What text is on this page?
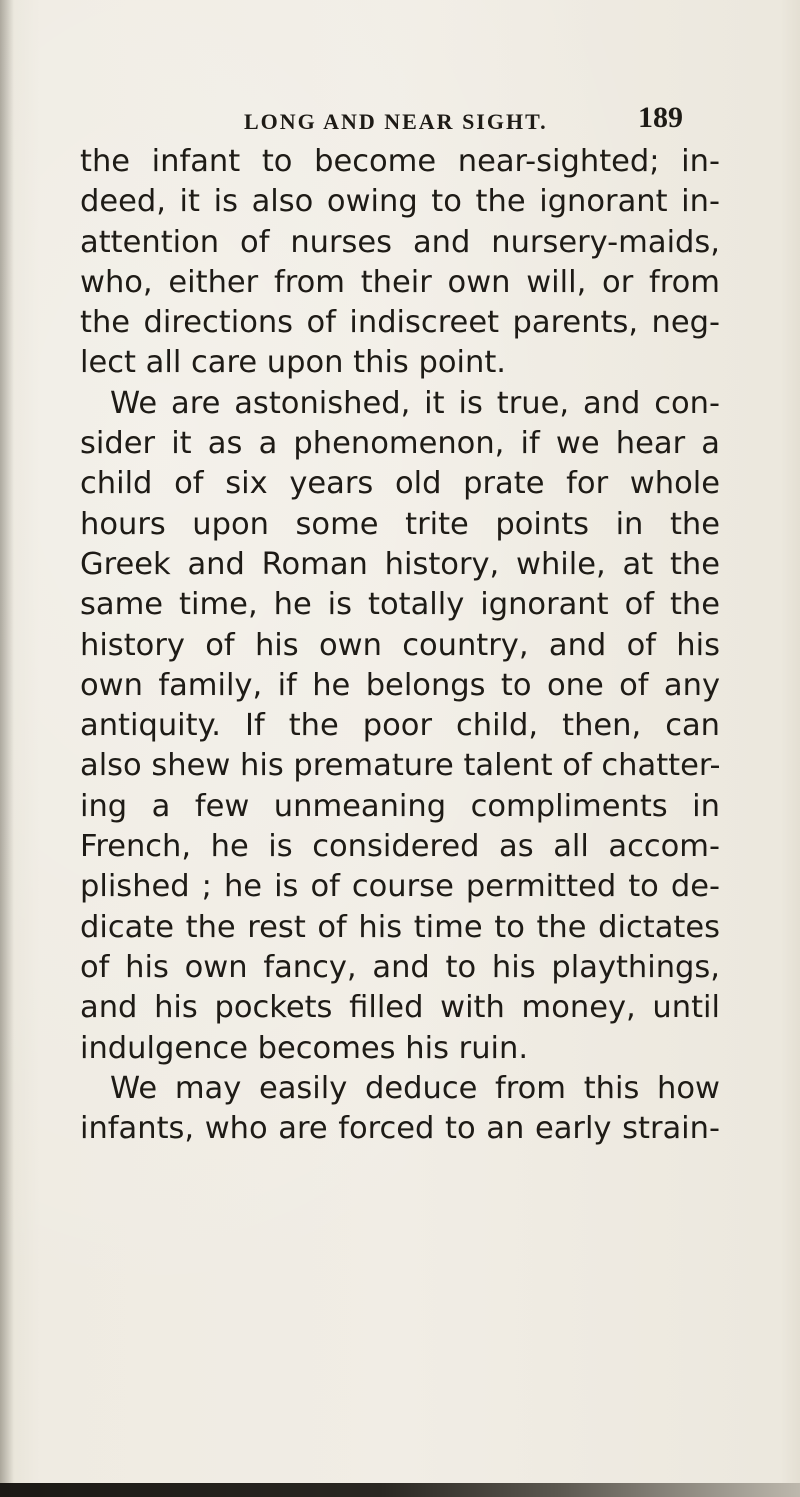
LONG AND NEAR SIGHT.	189
the infant to become near-sighted; in-
deed, it is also owing to the ignorant in-
attention of nurses and nursery-maids,
who, either from their own will, or from
the directions of indiscreet parents, neg-
lect all care upon this point.
We are astonished, it is true, and con-
sider it as a phenomenon, if we hear a
child of six years old prate for whole
hours upon some trite points in the
Greek and Roman history, while, at the
same time, he is totally ignorant of the
history of his own country, and of his
own family, if he belongs to one of any
antiquity. If the poor child, then, can
also shew his premature talent of chatter-
ing a few unmeaning compliments in
French, he is considered as all accom-
plished ; he is of course permitted to de-
dicate the rest of his time to the dictates
of his own fancy, and to his playthings,
and his pockets filled with money, until
indulgence becomes his ruin.
We may easily deduce from this how
infants, who are forced to an early strain-
